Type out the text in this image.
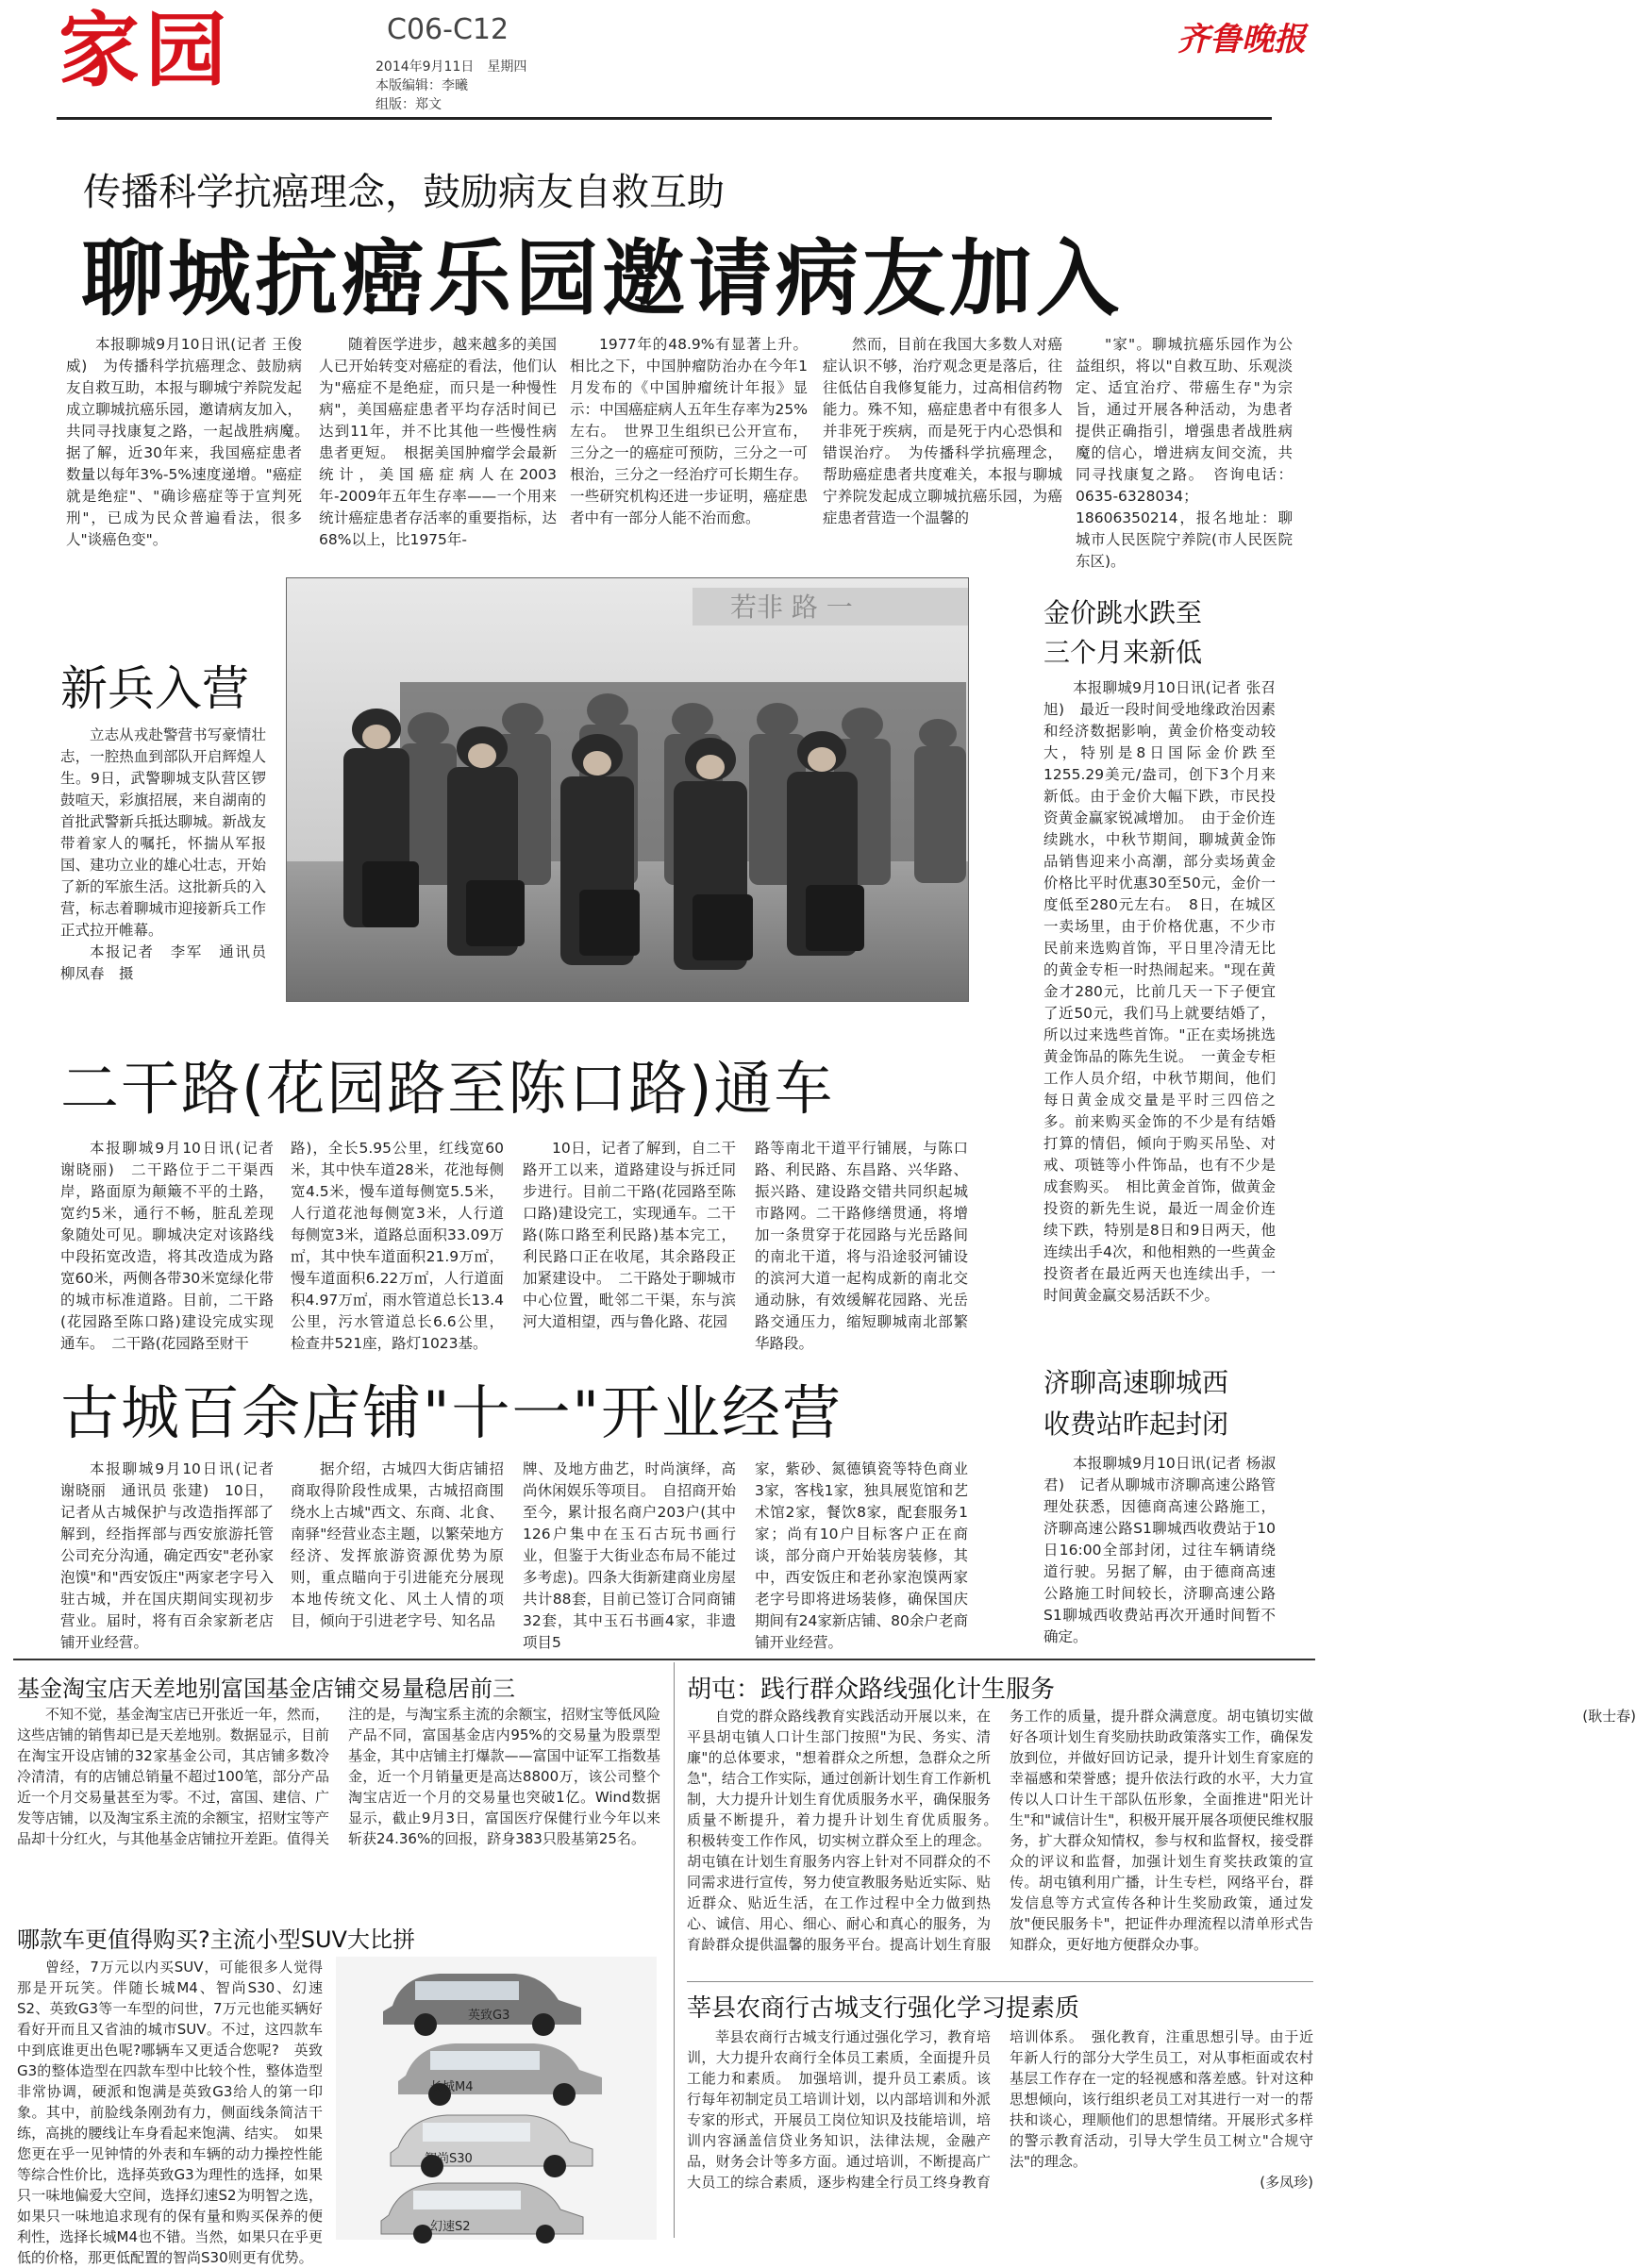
家园	C06-C12
2014年9月11日　星期四
本版编辑：李曦
组版：郑文
齐鲁晚报
传播科学抗癌理念，鼓励病友自救互助
聊城抗癌乐园邀请病友加入

本报聊城9月10日讯(记者 王俊威)　为传播科学抗癌理念、鼓励病友自救互助，本报与聊城宁养院发起成立聊城抗癌乐园，邀请病友加入，共同寻找康复之路，一起战胜病魔。　据了解，近30年来，我国癌症患者数量以每年3%-5%速度递增。"癌症就是绝症"、"确诊癌症等于宣判死刑"，已成为民众普遍看法，很多人"谈癌色变"。

随着医学进步，越来越多的美国人已开始转变对癌症的看法，他们认为"癌症不是绝症，而只是一种慢性病"，美国癌症患者平均存活时间已达到11年，并不比其他一些慢性病患者更短。　根据美国肿瘤学会最新统计，美国癌症病人在2003年-2009年五年生存率——一个用来统计癌症患者存活率的重要指标，达68%以上，比1975年-

1977年的48.9%有显著上升。相比之下，中国肿瘤防治办在今年1月发布的《中国肿瘤统计年报》显示：中国癌症病人五年生存率为25%左右。　世界卫生组织已公开宣布，三分之一的癌症可预防，三分之一可根治，三分之一经治疗可长期生存。一些研究机构还进一步证明，癌症患者中有一部分人能不治而愈。

然而，目前在我国大多数人对癌症认识不够，治疗观念更是落后，往往低估自我修复能力，过高相信药物能力。殊不知，癌症患者中有很多人并非死于疾病，而是死于内心恐惧和错误治疗。　为传播科学抗癌理念，帮助癌症患者共度难关，本报与聊城宁养院发起成立聊城抗癌乐园，为癌症患者营造一个温馨的

"家"。聊城抗癌乐园作为公益组织，将以"自救互助、乐观淡定、适宜治疗、带癌生存"为宗旨，通过开展各种活动，为患者提供正确指引，增强患者战胜病魔的信心，增进病友间交流，共同寻找康复之路。　咨询电话：0635-6328034；18606350214，报名地址：聊城市人民医院宁养院(市人民医院东区)。

新兵入营

立志从戎赴警营书写豪情壮志，一腔热血到部队开启辉煌人生。9日，武警聊城支队营区锣鼓喧天，彩旗招展，来自湖南的首批武警新兵抵达聊城。新战友带着家人的嘱托，怀揣从军报国、建功立业的雄心壮志，开始了新的军旅生活。这批新兵的入营，标志着聊城市迎接新兵工作正式拉开帷幕。

本报记者　李军　通讯员　柳凤春　摄

若非 路 一	金价跳水跌至
三个月来新低

本报聊城9月10日讯(记者 张召旭)　最近一段时间受地缘政治因素和经济数据影响，黄金价格变动较大，特别是8日国际金价跌至1255.29美元/盎司，创下3个月来新低。由于金价大幅下跌，市民投资黄金赢家锐减增加。　由于金价连续跳水，中秋节期间，聊城黄金饰品销售迎来小高潮，部分卖场黄金价格比平时优惠30至50元，金价一度低至280元左右。　8日，在城区一卖场里，由于价格优惠，不少市民前来选购首饰，平日里冷清无比的黄金专柜一时热闹起来。"现在黄金才280元，比前几天一下子便宜了近50元，我们马上就要结婚了，所以过来选些首饰。"正在卖场挑选黄金饰品的陈先生说。　一黄金专柜工作人员介绍，中秋节期间，他们每日黄金成交量是平时三四倍之多。前来购买金饰的不少是有结婚打算的情侣，倾向于购买吊坠、对戒、项链等小件饰品，也有不少是成套购买。　相比黄金首饰，做黄金投资的新先生说，最近一周金价连续下跌，特别是8日和9日两天，他连续出手4次，和他相熟的一些黄金投资者在最近两天也连续出手，一时间黄金赢交易活跃不少。

二干路(花园路至陈口路)通车

本报聊城9月10日讯(记者 谢晓丽)　二干路位于二干渠西岸，路面原为颠簸不平的土路，宽约5米，通行不畅，脏乱差现象随处可见。聊城决定对该路线中段拓宽改造，将其改造成为路宽60米，两侧各带30米宽绿化带的城市标准道路。目前，二干路(花园路至陈口路)建设完成实现通车。　二干路(花园路至财干

路)，全长5.95公里，红线宽60米，其中快车道28米，花池每侧宽4.5米，慢车道每侧宽5.5米，人行道花池每侧宽3米，人行道每侧宽3米，道路总面积33.09万㎡，其中快车道面积21.9万㎡，慢车道面积6.22万㎡，人行道面积4.97万㎡，雨水管道总长13.4公里，污水管道总长6.6公里，检查井521座，路灯1023基。

10日，记者了解到，自二干路开工以来，道路建设与拆迁同步进行。目前二干路(花园路至陈口路)建设完工，实现通车。二干路(陈口路至利民路)基本完工，利民路口正在收尾，其余路段正加紧建设中。　二干路处于聊城市中心位置，毗邻二干渠，东与滨河大道相望，西与鲁化路、花园

路等南北干道平行铺展，与陈口路、利民路、东昌路、兴华路、振兴路、建设路交错共同织起城市路网。二干路修缮贯通，将增加一条贯穿于花园路与光岳路间的南北干道，将与沿途驳河铺设的滨河大道一起构成新的南北交通动脉，有效缓解花园路、光岳路交通压力，缩短聊城南北部繁华路段。

济聊高速聊城西
收费站昨起封闭

本报聊城9月10日讯(记者 杨淑君)　记者从聊城市济聊高速公路管理处获悉，因德商高速公路施工，济聊高速公路S1聊城西收费站于10日16:00全部封闭，过往车辆请绕道行驶。另据了解，由于德商高速公路施工时间较长，济聊高速公路S1聊城西收费站再次开通时间暂不确定。

古城百余店铺"十一"开业经营

本报聊城9月10日讯(记者 谢晓丽　通讯员 张建)　10日，记者从古城保护与改造指挥部了解到，经指挥部与西安旅游托管公司充分沟通，确定西安"老孙家泡馍"和"西安饭庄"两家老字号入驻古城，并在国庆期间实现初步营业。届时，将有百余家新老店铺开业经营。

据介绍，古城四大街店铺招商取得阶段性成果，古城招商围绕水上古城"西文、东商、北食、南驿"经营业态主题，以繁荣地方经济、发挥旅游资源优势为原则，重点瞄向于引进能充分展现本地传统文化、风土人情的项目，倾向于引进老字号、知名品

牌、及地方曲艺，时尚演绎，高尚休闲娱乐等项目。　自招商开始至今，累计报名商户203户(其中126户集中在玉石古玩书画行业，但鉴于大街业态布局不能过多考虑)。四条大街新建商业房屋共计88套，目前已签订合同商铺32套，其中玉石书画4家，非遗项目5

家，紫砂、氮德镇瓷等特色商业3家，客栈1家，独具展览馆和艺术馆2家，餐饮8家，配套服务1家；尚有10户目标客户正在商谈，部分商户开始装房装修，其中，西安饭庄和老孙家泡馍两家老字号即将进场装修，确保国庆期间有24家新店铺、80余户老商铺开业经营。

基金淘宝店天差地别富国基金店铺交易量稳居前三

不知不觉，基金淘宝店已开张近一年，然而，这些店铺的销售却已是天差地别。数据显示，目前在淘宝开设店铺的32家基金公司，其店铺多数冷冷清清，有的店铺总销量不超过100笔，部分产品近一个月交易量甚至为零。不过，富国、建信、广发等店铺，以及淘宝系主流的余额宝，招财宝等产品却十分红火，与其他基金店铺拉开差距。值得关注的是，与淘宝系主流的余额宝，招财宝等低风险产品不同，富国基金店内95%的交易量为股票型基金，其中店铺主打爆款——富国中证军工指数基金，近一个月销量更是高达8800万，该公司整个淘宝店近一个月的交易量也突破1亿。Wind数据显示，截止9月3日，富国医疗保健行业今年以来斩获24.36%的回报，跻身383只股基第25名。

哪款车更值得购买?主流小型SUV大比拼

曾经，7万元以内买SUV，可能很多人觉得那是开玩笑。伴随长城M4、智尚S30、幻速S2、英致G3等一车型的问世，7万元也能买辆好看好开而且又省油的城市SUV。不过，这四款车中到底谁更出色呢?哪辆车又更适合您呢?　英致G3的整体造型在四款车型中比较个性，整体造型非常协调，硬派和饱满是英致G3给人的第一印象。其中，前脸线条刚劲有力，侧面线条简洁干练，高挑的腰线让车身看起来饱满、结实。　如果您更在乎一见钟情的外表和车辆的动力操控性能等综合性价比，选择英致G3为理性的选择，如果只一味地偏爱大空间，选择幻速S2为明智之选，如果只一味地追求现有的保有量和购买保养的便利性，选择长城M4也不错。当然，如果只在乎更低的价格，那更低配置的智尚S30则更有优势。

英致G3
长城M4
智尚S30
幻速S2
胡屯：践行群众路线强化计生服务

自党的群众路线教育实践活动开展以来，在平县胡屯镇人口计生部门按照"为民、务实、清廉"的总体要求，"想着群众之所想，急群众之所急"，结合工作实际，通过创新计划生育工作新机制，大力提升计划生育优质服务水平，确保服务质量不断提升，着力提升计划生育优质服务。　积极转变工作作风，切实树立群众至上的理念。胡屯镇在计划生育服务内容上针对不同群众的不同需求进行宣传，努力使宣教服务贴近实际、贴近群众、贴近生活，在工作过程中全力做到热心、诚信、用心、细心、耐心和真心的服务，为育龄群众提供温馨的服务平台。提高计划生育服务工作的质量，提升群众满意度。胡屯镇切实做好各项计划生育奖励扶助政策落实工作，确保发放到位，并做好回访记录，提升计划生育家庭的幸福感和荣誉感；提升依法行政的水平，大力宣传以人口计生干部队伍形象，全面推进"阳光计生"和"诚信计生"，积极开展开展各项便民维权服务，扩大群众知情权，参与权和监督权，接受群众的评议和监督，加强计划生育奖扶政策的宣传。胡屯镇利用广播，计生专栏，网络平台，群发信息等方式宣传各种计生奖励政策，通过发放"便民服务卡"，把证件办理流程以清单形式告知群众，更好地方便群众办事。

(耿士春)

莘县农商行古城支行强化学习提素质

莘县农商行古城支行通过强化学习，教育培训，大力提升农商行全体员工素质，全面提升员工能力和素质。　加强培训，提升员工素质。该行每年初制定员工培训计划，以内部培训和外派专家的形式，开展员工岗位知识及技能培训，培训内容涵盖信贷业务知识，法律法规，金融产品，财务会计等多方面。通过培训，不断提高广大员工的综合素质，逐步构建全行员工终身教育培训体系。　强化教育，注重思想引导。由于近年新人行的部分大学生员工，对从事柜面或农村基层工作存在一定的轻视感和落差感。针对这种思想倾向，该行组织老员工对其进行一对一的帮扶和谈心，理顺他们的思想情绪。开展形式多样的警示教育活动，引导大学生员工树立"合规守法"的理念。

(多凤珍)
